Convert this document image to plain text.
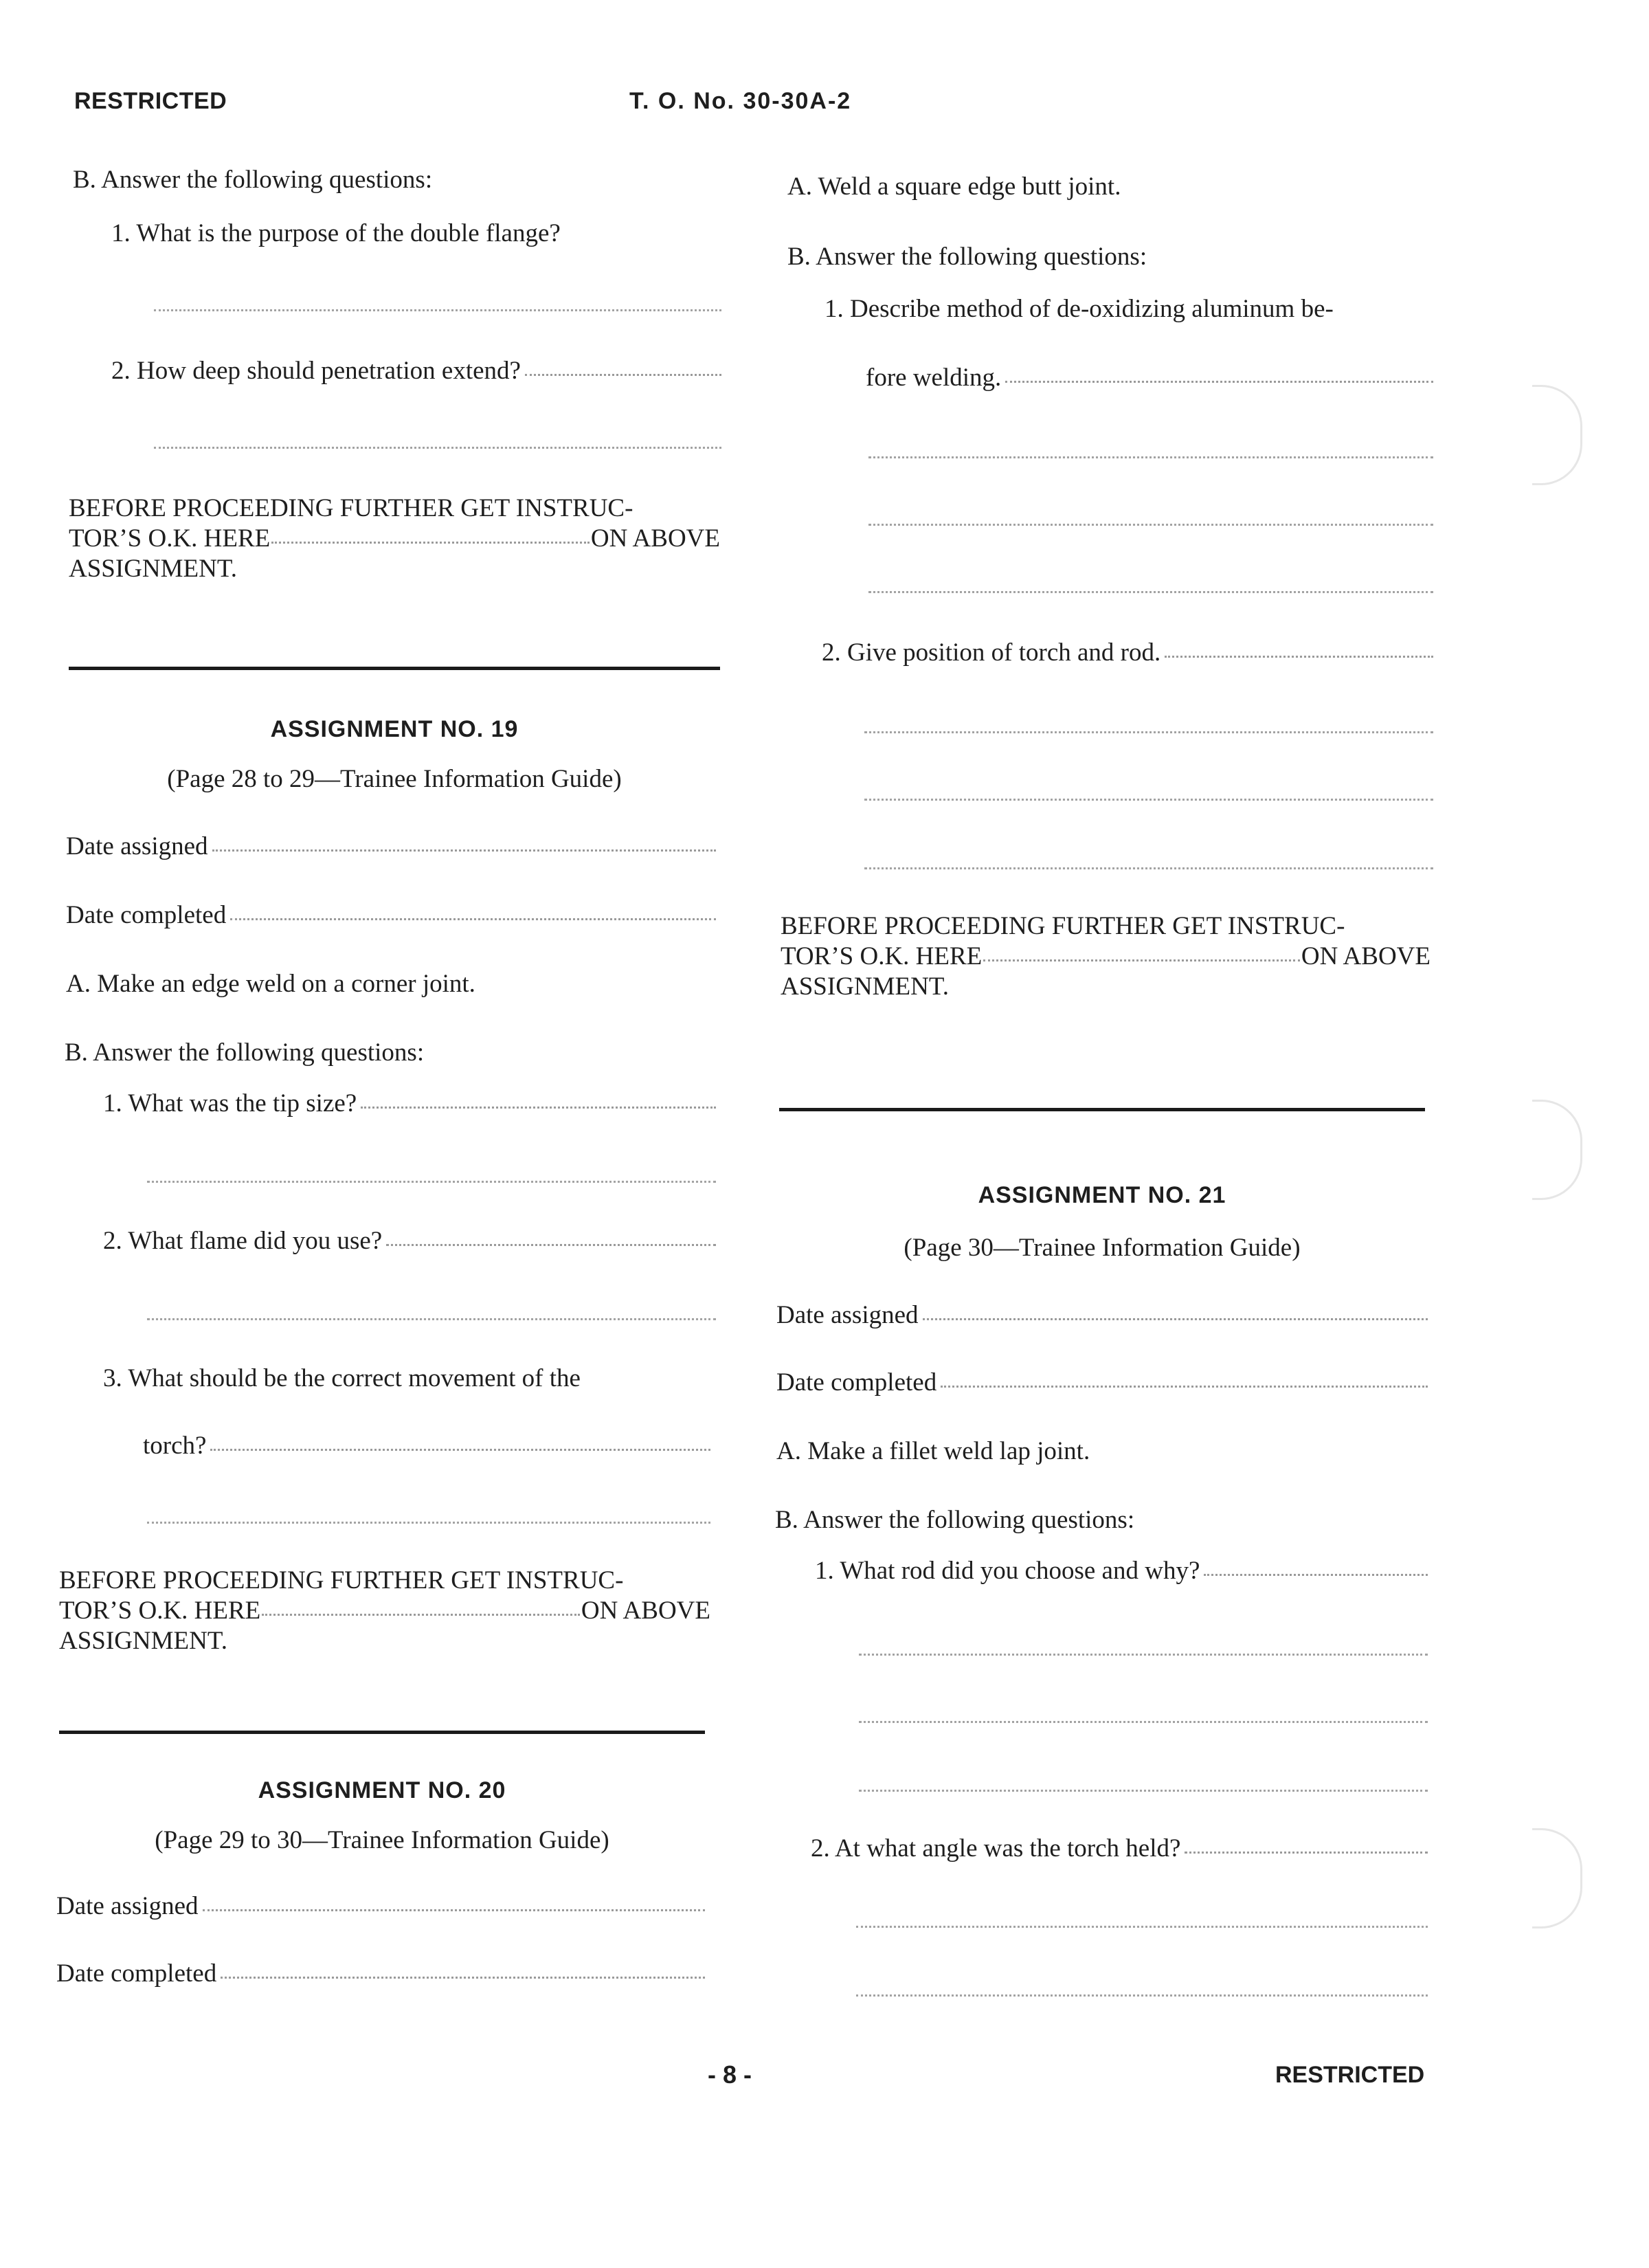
RESTRICTED	T. O. No. 30-30A-2
B. Answer the following questions:
1. What is the purpose of the double flange?
2. How deep should penetration extend?
BEFORE PROCEEDING FURTHER GET INSTRUC-
TOR’S O.K. HERE	ON ABOVE
ASSIGNMENT.
ASSIGNMENT NO. 19
(Page 28 to 29—Trainee Information Guide)
Date assigned
Date completed
A. Make an edge weld on a corner joint.
B. Answer the following questions:
1. What was the tip size?
2. What flame did you use?
3. What should be the correct movement of the
torch?
BEFORE PROCEEDING FURTHER GET INSTRUC-
TOR’S O.K. HERE	ON ABOVE
ASSIGNMENT.
ASSIGNMENT NO. 20
(Page 29 to 30—Trainee Information Guide)
Date assigned
Date completed
A. Weld a square edge butt joint.
B. Answer the following questions:
1. Describe method of de-oxidizing aluminum be-
fore welding.
2. Give position of torch and rod.
BEFORE PROCEEDING FURTHER GET INSTRUC-
TOR’S O.K. HERE	ON ABOVE
ASSIGNMENT.
ASSIGNMENT NO. 21
(Page 30—Trainee Information Guide)
Date assigned
Date completed
A. Make a fillet weld lap joint.
B. Answer the following questions:
1. What rod did you choose and why?
2. At what angle was the torch held?
- 8 -	RESTRICTED
